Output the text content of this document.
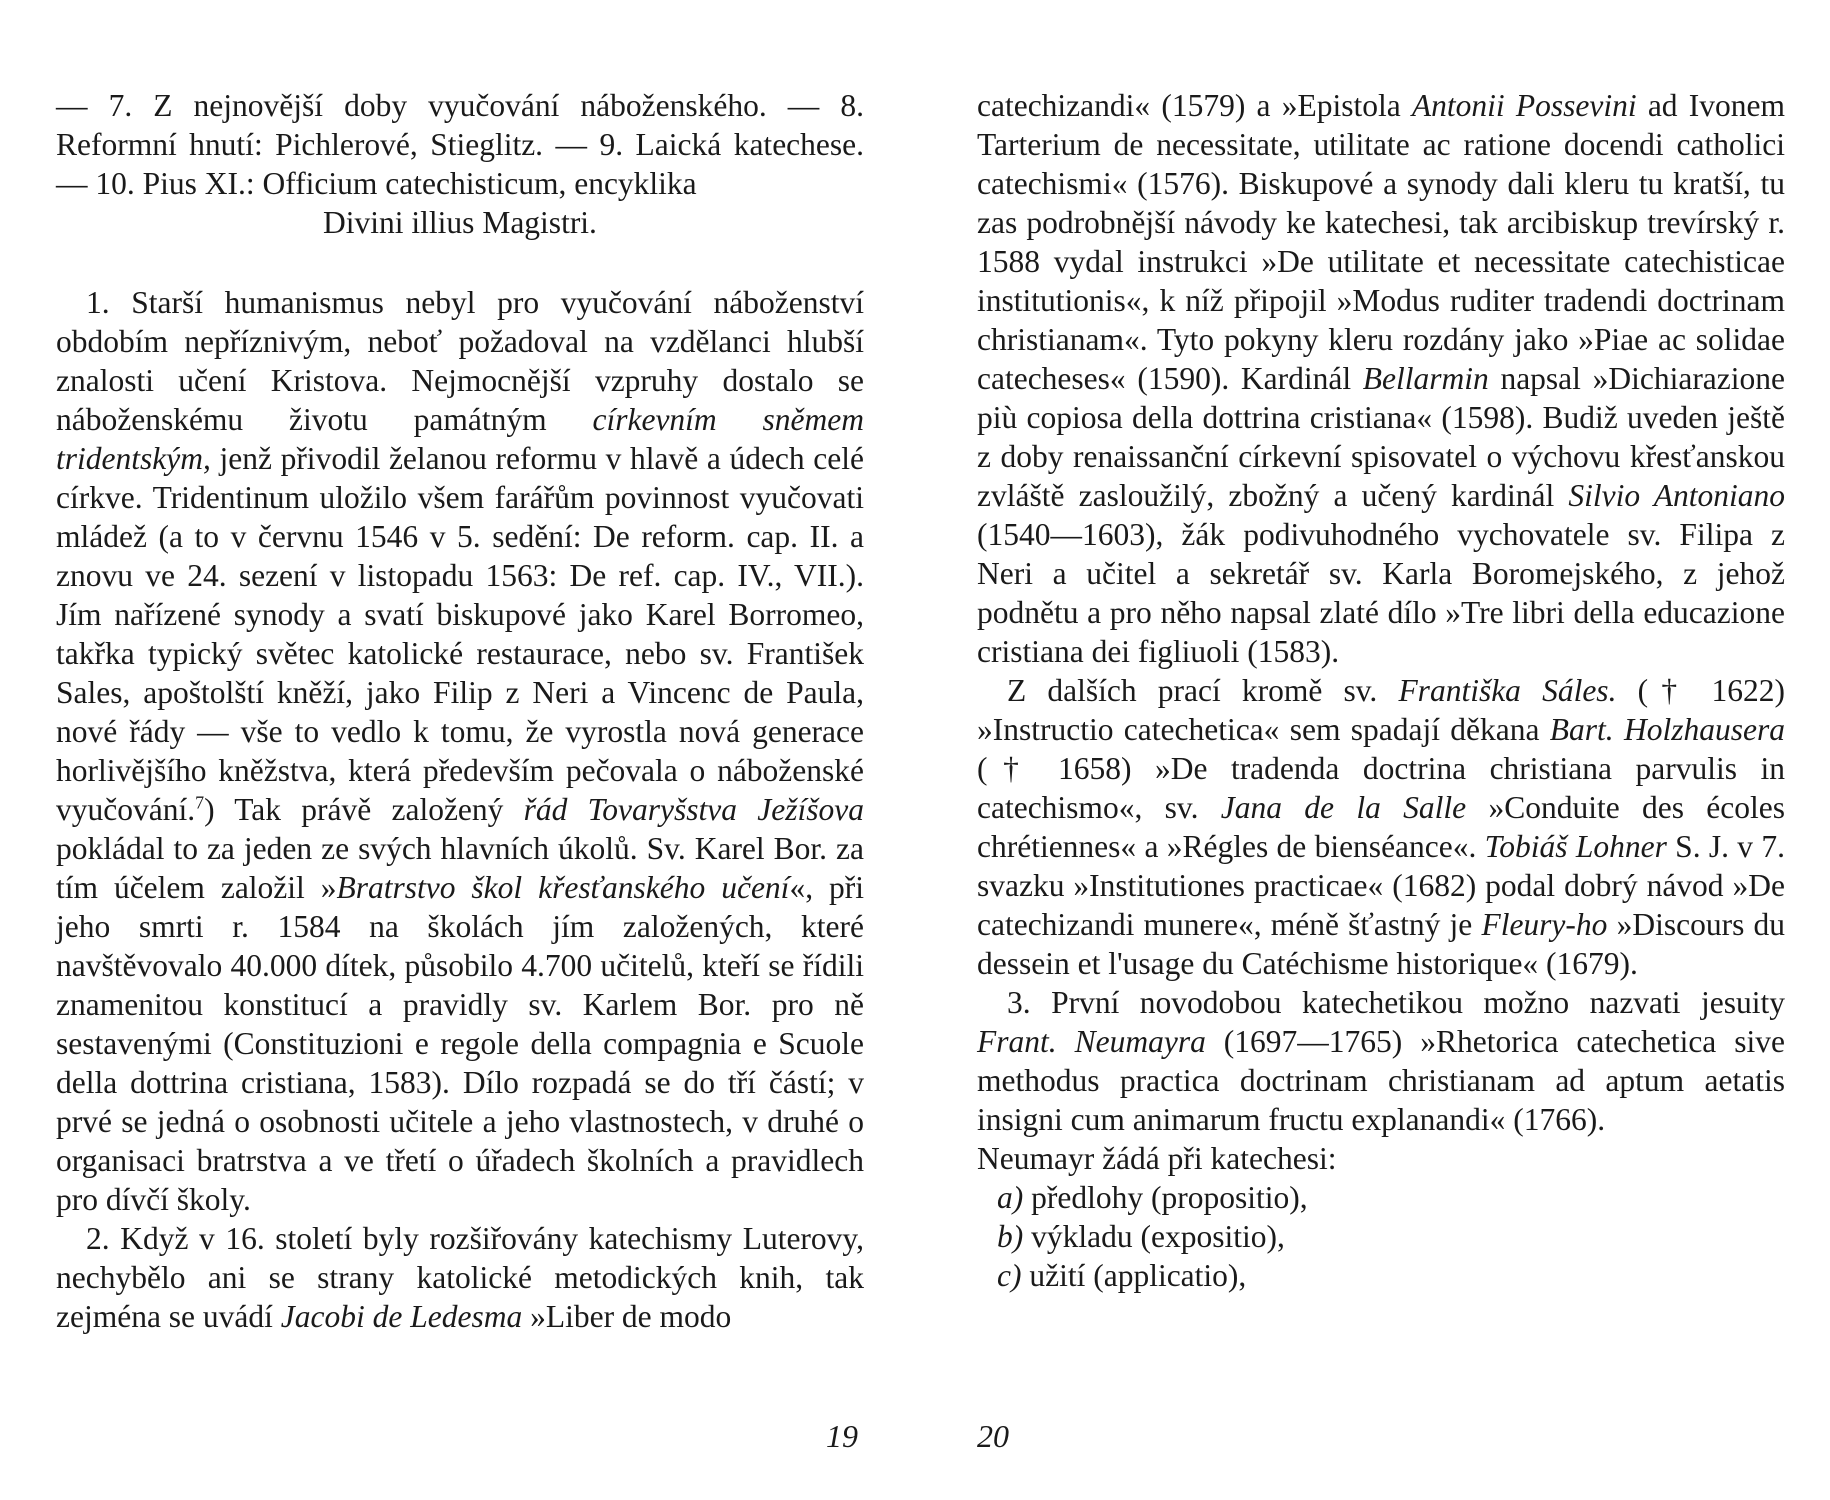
— 7. Z nejnovější doby vyučování náboženského. — 8. Reformní hnutí: Pichlerové, Stieglitz. — 9. Laická katechese. — 10. Pius XI.: Officium catechisticum, encyklika

Divini illius Magistri.

1. Starší humanismus nebyl pro vyučování náboženství obdobím nepříznivým, neboť požadoval na vzdělanci hlubší znalosti učení Kristova. Nejmocnější vzpruhy dostalo se náboženskému životu památným církevním sněmem tridentským, jenž přivodil želanou reformu v hlavě a údech celé církve. Tridentinum uložilo všem farářům povinnost vyučovati mládež (a to v červnu 1546 v 5. sedění: De reform. cap. II. a znovu ve 24. sezení v listopadu 1563: De ref. cap. IV., VII.). Jím nařízené synody a svatí biskupové jako Karel Borromeo, takřka typický světec katolické restaurace, nebo sv. František Sales, apoštolští kněží, jako Filip z Neri a Vincenc de Paula, nové řády — vše to vedlo k tomu, že vyrostla nová generace horlivějšího kněžstva, která především pečovala o náboženské vyučování.$^7$) Tak právě založený řád Tovaryšstva Ježíšova pokládal to za jeden ze svých hlavních úkolů. Sv. Karel Bor. za tím účelem založil »Bratrstvo škol křesťanského učení«, při jeho smrti r. 1584 na školách jím založených, které navštěvovalo 40.000 dítek, působilo 4.700 učitelů, kteří se řídili znamenitou konstitucí a pravidly sv. Karlem Bor. pro ně sestavenými (Constituzioni e regole della compagnia e Scuole della dottrina cristiana, 1583). Dílo rozpadá se do tří částí; v prvé se jedná o osobnosti učitele a jeho vlastnostech, v druhé o organisaci bratrstva a ve třetí o úřadech školních a pravidlech pro dívčí školy.

2. Když v 16. století byly rozšiřovány katechismy Luterovy, nechybělo ani se strany katolické metodických knih, tak zejména se uvádí Jacobi de Ledesma »Liber de modo

catechizandi« (1579) a »Epistola Antonii Possevini ad Ivonem Tarterium de necessitate, utilitate ac ratione docendi catholici catechismi« (1576). Biskupové a synody dali kleru tu kratší, tu zas podrobnější návody ke katechesi, tak arcibiskup trevírský r. 1588 vydal instrukci »De utilitate et necessitate catechisticae institutionis«, k níž připojil »Modus ruditer tradendi doctrinam christianam«. Tyto pokyny kleru rozdány jako »Piae ac solidae catecheses« (1590). Kardinál Bellarmin napsal »Dichiarazione più copiosa della dottrina cristiana« (1598). Budiž uveden ještě z doby renaissanční církevní spisovatel o výchovu křesťanskou zvláště zasloužilý, zbožný a učený kardinál Silvio Antoniano (1540—1603), žák podivuhodného vychovatele sv. Filipa z Neri a učitel a sekretář sv. Karla Boromejského, z jehož podnětu a pro něho napsal zlaté dílo »Tre libri della educazione cristiana dei figliuoli (1583).

Z dalších prací kromě sv. Františka Sáles. († 1622) »Instructio catechetica« sem spadají děkana Bart. Holzhausera († 1658) »De tradenda doctrina christiana parvulis in catechismo«, sv. Jana de la Salle »Conduite des écoles chrétiennes« a »Régles de bienséance«. Tobiáš Lohner S. J. v 7. svazku »Institutiones practicae« (1682) podal dobrý návod »De catechizandi munere«, méně šťastný je Fleury-ho »Discours du dessein et l'usage du Catéchisme historique« (1679).

3. První novodobou katechetikou možno nazvati jesuity Frant. Neumayra (1697—1765) »Rhetorica catechetica sive methodus practica doctrinam christianam ad aptum aetatis insigni cum animarum fructu explanandi« (1766).

Neumayr žádá při katechesi:

a) předlohy (propositio),
b) výkladu (expositio),
c) užití (applicatio),
19	20
